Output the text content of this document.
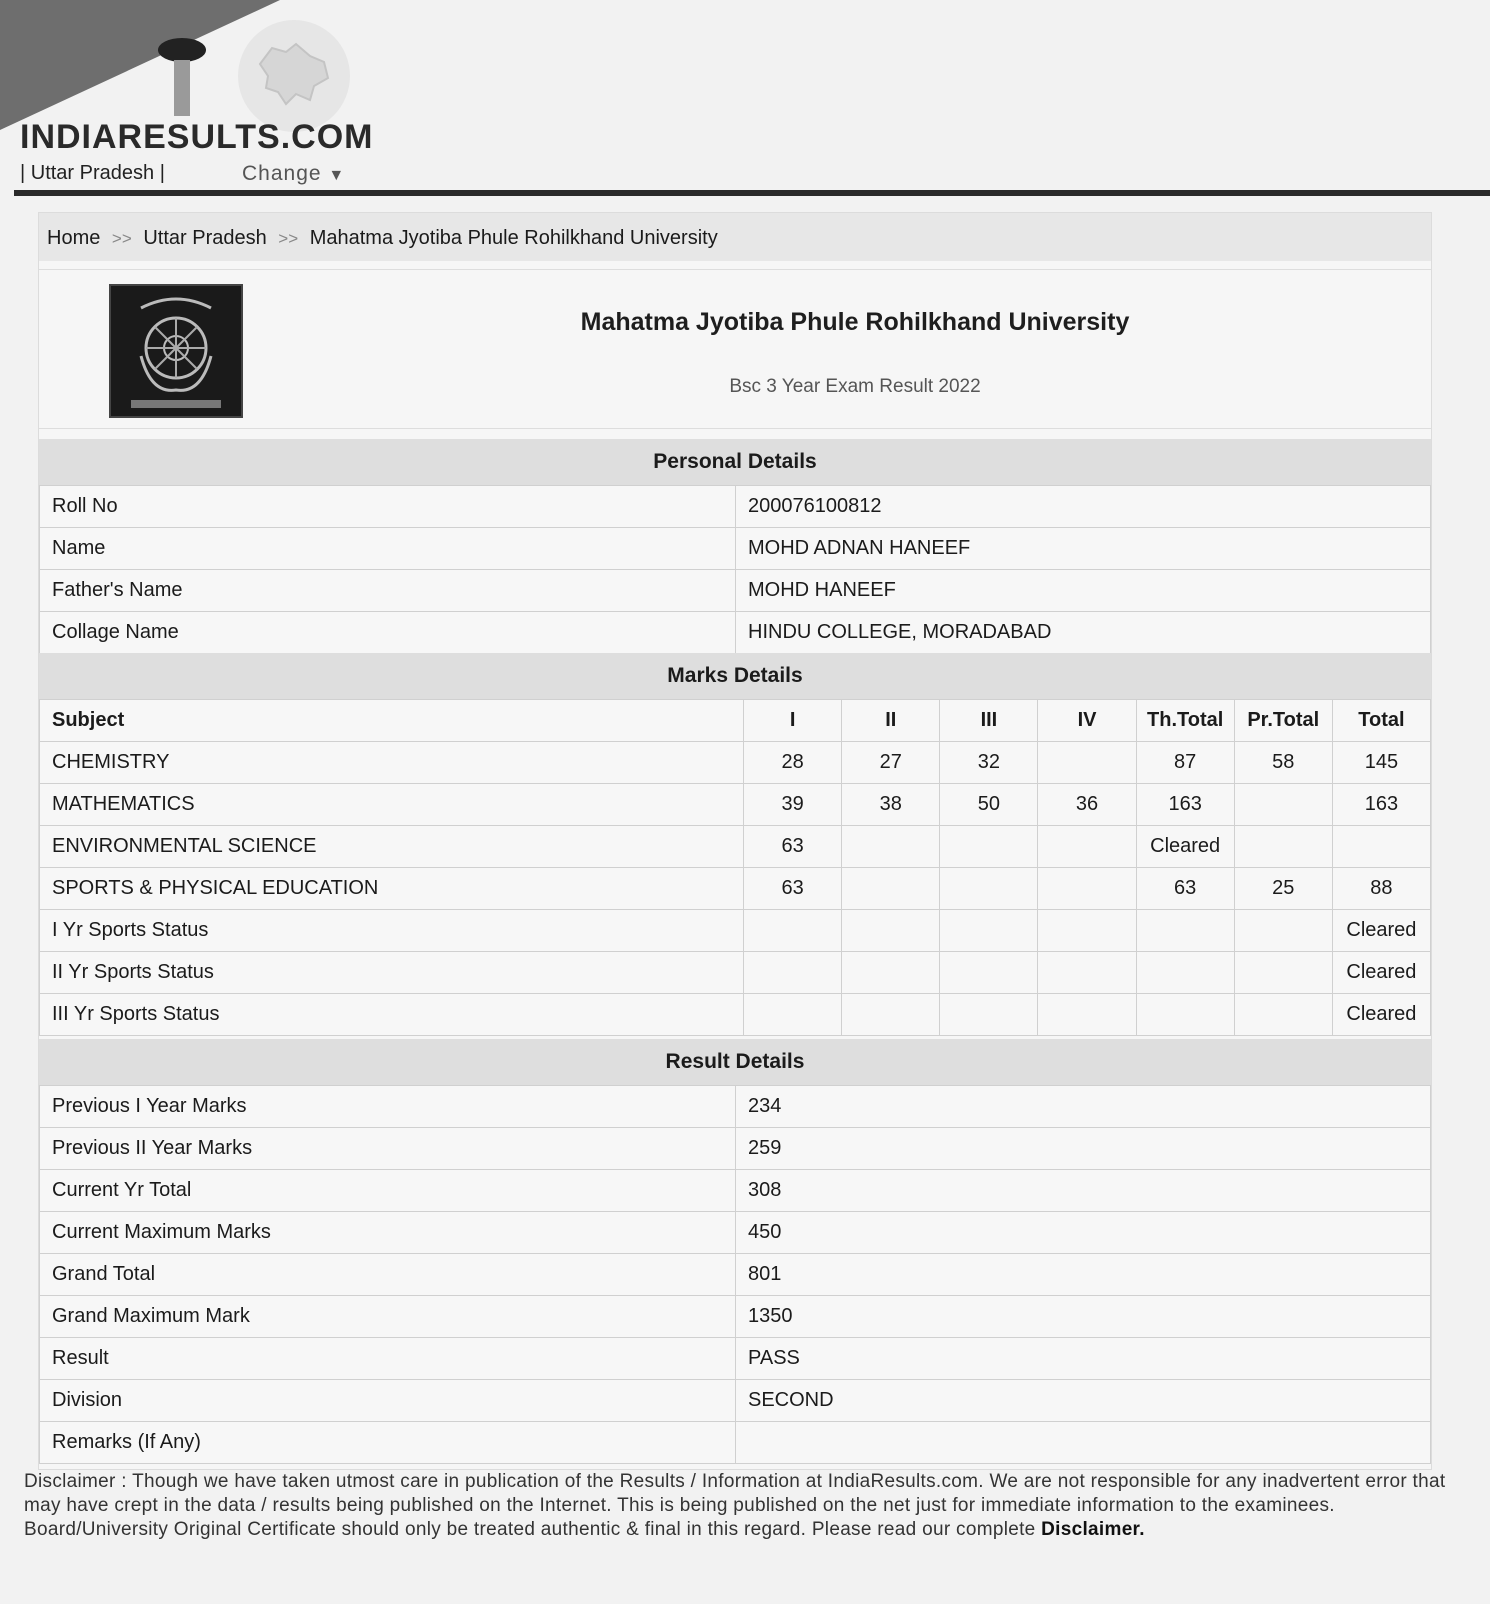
INDIARESULTS.COM
| Uttar Pradesh |	Change ▼
Home >> Uttar Pradesh >> Mahatma Jyotiba Phule Rohilkhand University
Mahatma Jyotiba Phule Rohilkhand University
Bsc 3 Year Exam Result 2022
Personal Details
Roll No	200076100812
Name	MOHD ADNAN HANEEF
Father's Name	MOHD HANEEF
Collage Name	HINDU COLLEGE, MORADABAD
Marks Details
Subject	I	II	III	IV	Th.Total	Pr.Total	Total
CHEMISTRY	28	27	32		87	58	145
MATHEMATICS	39	38	50	36	163		163
ENVIRONMENTAL SCIENCE	63				Cleared		
SPORTS & PHYSICAL EDUCATION	63				63	25	88
I Yr Sports Status							Cleared
II Yr Sports Status							Cleared
III Yr Sports Status							Cleared
Result Details
Previous I Year Marks	234
Previous II Year Marks	259
Current Yr Total	308
Current Maximum Marks	450
Grand Total	801
Grand Maximum Mark	1350
Result	PASS
Division	SECOND
Remarks (If Any)	
Disclaimer : Though we have taken utmost care in publication of the Results / Information at IndiaResults.com. We are not responsible for any inadvertent error that may have crept in the data / results being published on the Internet. This is being published on the net just for immediate information to the examinees. Board/University Original Certificate should only be treated authentic & final in this regard. Please read our complete Disclaimer.
